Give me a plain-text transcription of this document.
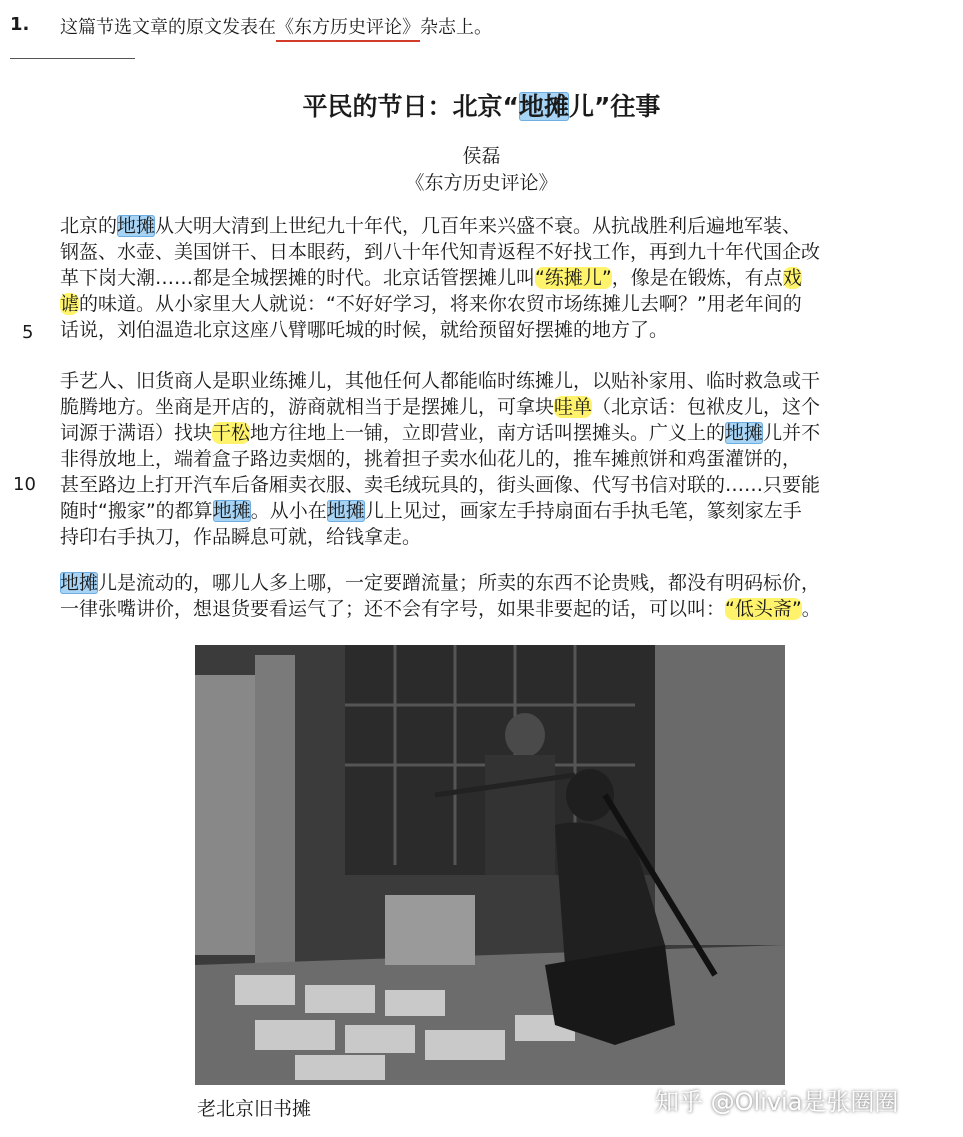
1. 这篇节选文章的原文发表在《东方历史评论》杂志上。
平民的节日：北京“地摊儿”往事
侯磊
《东方历史评论》
北京的地摊从大明大清到上世纪九十年代，几百年来兴盛不衰。从抗战胜利后遍地军装、
钢盔、水壶、美国饼干、日本眼药，到八十年代知青返程不好找工作，再到九十年代国企改
革下岗大潮……都是全城摆摊的时代。北京话管摆摊儿叫“练摊儿”，像是在锻炼，有点戏
谑的味道。从小家里大人就说：“不好好学习，将来你农贸市场练摊儿去啊？”用老年间的
话说，刘伯温造北京这座八臂哪吒城的时候，就给预留好摆摊的地方了。
手艺人、旧货商人是职业练摊儿，其他任何人都能临时练摊儿，以贴补家用、临时救急或干
脆腾地方。坐商是开店的，游商就相当于是摆摊儿，可拿块哇单（北京话：包袱皮儿，这个
词源于满语）找块干松地方往地上一铺，立即营业，南方话叫摆摊头。广义上的地摊儿并不
非得放地上，端着盒子路边卖烟的，挑着担子卖水仙花儿的，推车摊煎饼和鸡蛋灌饼的，
甚至路边上打开汽车后备厢卖衣服、卖毛绒玩具的，街头画像、代写书信对联的……只要能
随时“搬家”的都算地摊。从小在地摊儿上见过，画家左手持扇面右手执毛笔，篆刻家左手
持印右手执刀，作品瞬息可就，给钱拿走。
地摊儿是流动的，哪儿人多上哪，一定要蹭流量；所卖的东西不论贵贱，都没有明码标价，
一律张嘴讲价，想退货要看运气了；还不会有字号，如果非要起的话，可以叫：“低头斋”。
5
10
老北京旧书摊	知乎 @Olivia是张圈圈
